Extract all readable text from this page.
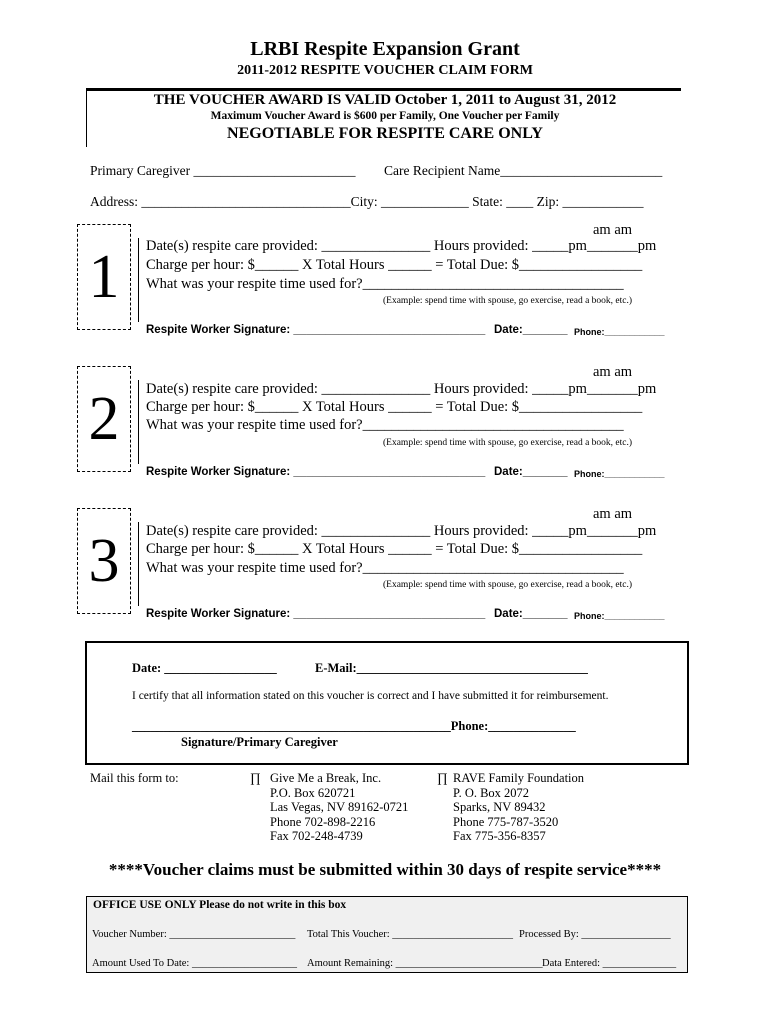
LRBI Respite Expansion Grant
2011-2012 RESPITE VOUCHER CLAIM FORM
THE VOUCHER AWARD IS VALID October 1, 2011 to August 31, 2012
Maximum Voucher Award is $600 per Family, One Voucher per Family
NEGOTIABLE FOR RESPITE CARE ONLY
Primary Caregiver ________________________ Care Recipient Name________________________
Address: _______________________________City: _____________ State: ____ Zip: ____________
1
am am
Date(s) respite care provided: _______________ Hours provided: _____pm_______pm
Charge per hour: $______ X Total Hours ______ = Total Due: $_________________
What was your respite time used for?____________________________________
(Example: spend time with spouse, go exercise, read a book, etc.)
Respite Worker Signature: ______________________________ Date:_______ Phone:____________
2
am am
Date(s) respite care provided: _______________ Hours provided: _____pm_______pm
Charge per hour: $______ X Total Hours ______ = Total Due: $_________________
What was your respite time used for?____________________________________
(Example: spend time with spouse, go exercise, read a book, etc.)
Respite Worker Signature: ______________________________ Date:_______ Phone:____________
3
am am
Date(s) respite care provided: _______________ Hours provided: _____pm_______pm
Charge per hour: $______ X Total Hours ______ = Total Due: $_________________
What was your respite time used for?____________________________________
(Example: spend time with spouse, go exercise, read a book, etc.)
Respite Worker Signature: ______________________________ Date:_______ Phone:____________
Date: __________________	E-Mail:_____________________________________
I certify that all information stated on this voucher is correct and I have submitted it for reimbursement.
___________________________________________________Phone:______________
Signature/Primary Caregiver
Mail this form to:	∏ Give Me a Break, Inc.
P.O. Box 620721
Las Vegas, NV 89162-0721
Phone 702-898-2216
Fax 702-248-4739
∏ RAVE Family Foundation
P. O. Box 2072
Sparks, NV 89432
Phone 775-787-3520
Fax 775-356-8357
****Voucher claims must be submitted within 30 days of respite service****
OFFICE USE ONLY Please do not write in this box
Voucher Number: ________________________ Total This Voucher: _______________________ Processed By: _________________
Amount Used To Date: ____________________ Amount Remaining: ____________________________ Data Entered: ______________
